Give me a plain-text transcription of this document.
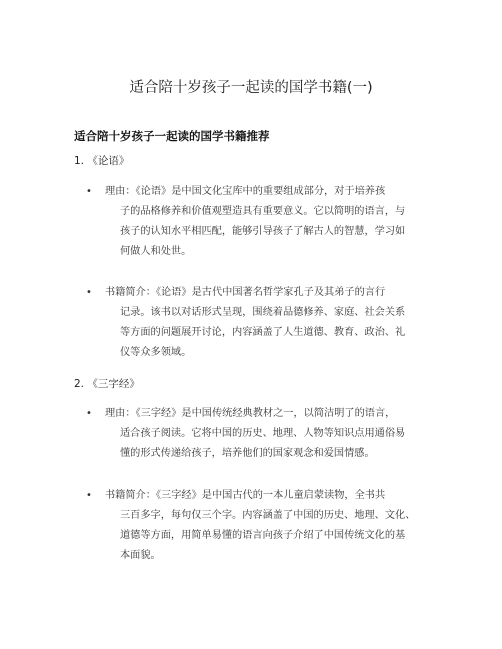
适合陪十岁孩子一起读的国学书籍(一)
适合陪十岁孩子一起读的国学书籍推荐
1. 《论语》
• 理由：《论语》是中国文化宝库中的重要组成部分，对于培养孩
子的品格修养和价值观塑造具有重要意义。它以简明的语言，与
孩子的认知水平相匹配，能够引导孩子了解古人的智慧，学习如
何做人和处世。
• 书籍简介：《论语》是古代中国著名哲学家孔子及其弟子的言行
记录。该书以对话形式呈现，围绕着品德修养、家庭、社会关系
等方面的问题展开讨论，内容涵盖了人生道德、教育、政治、礼
仪等众多领域。
2. 《三字经》
• 理由：《三字经》是中国传统经典教材之一，以简洁明了的语言，
适合孩子阅读。它将中国的历史、地理、人物等知识点用通俗易
懂的形式传递给孩子，培养他们的国家观念和爱国情感。
• 书籍简介：《三字经》是中国古代的一本儿童启蒙读物，全书共
三百多字，每句仅三个字。内容涵盖了中国的历史、地理、文化、
道德等方面，用简单易懂的语言向孩子介绍了中国传统文化的基
本面貌。
